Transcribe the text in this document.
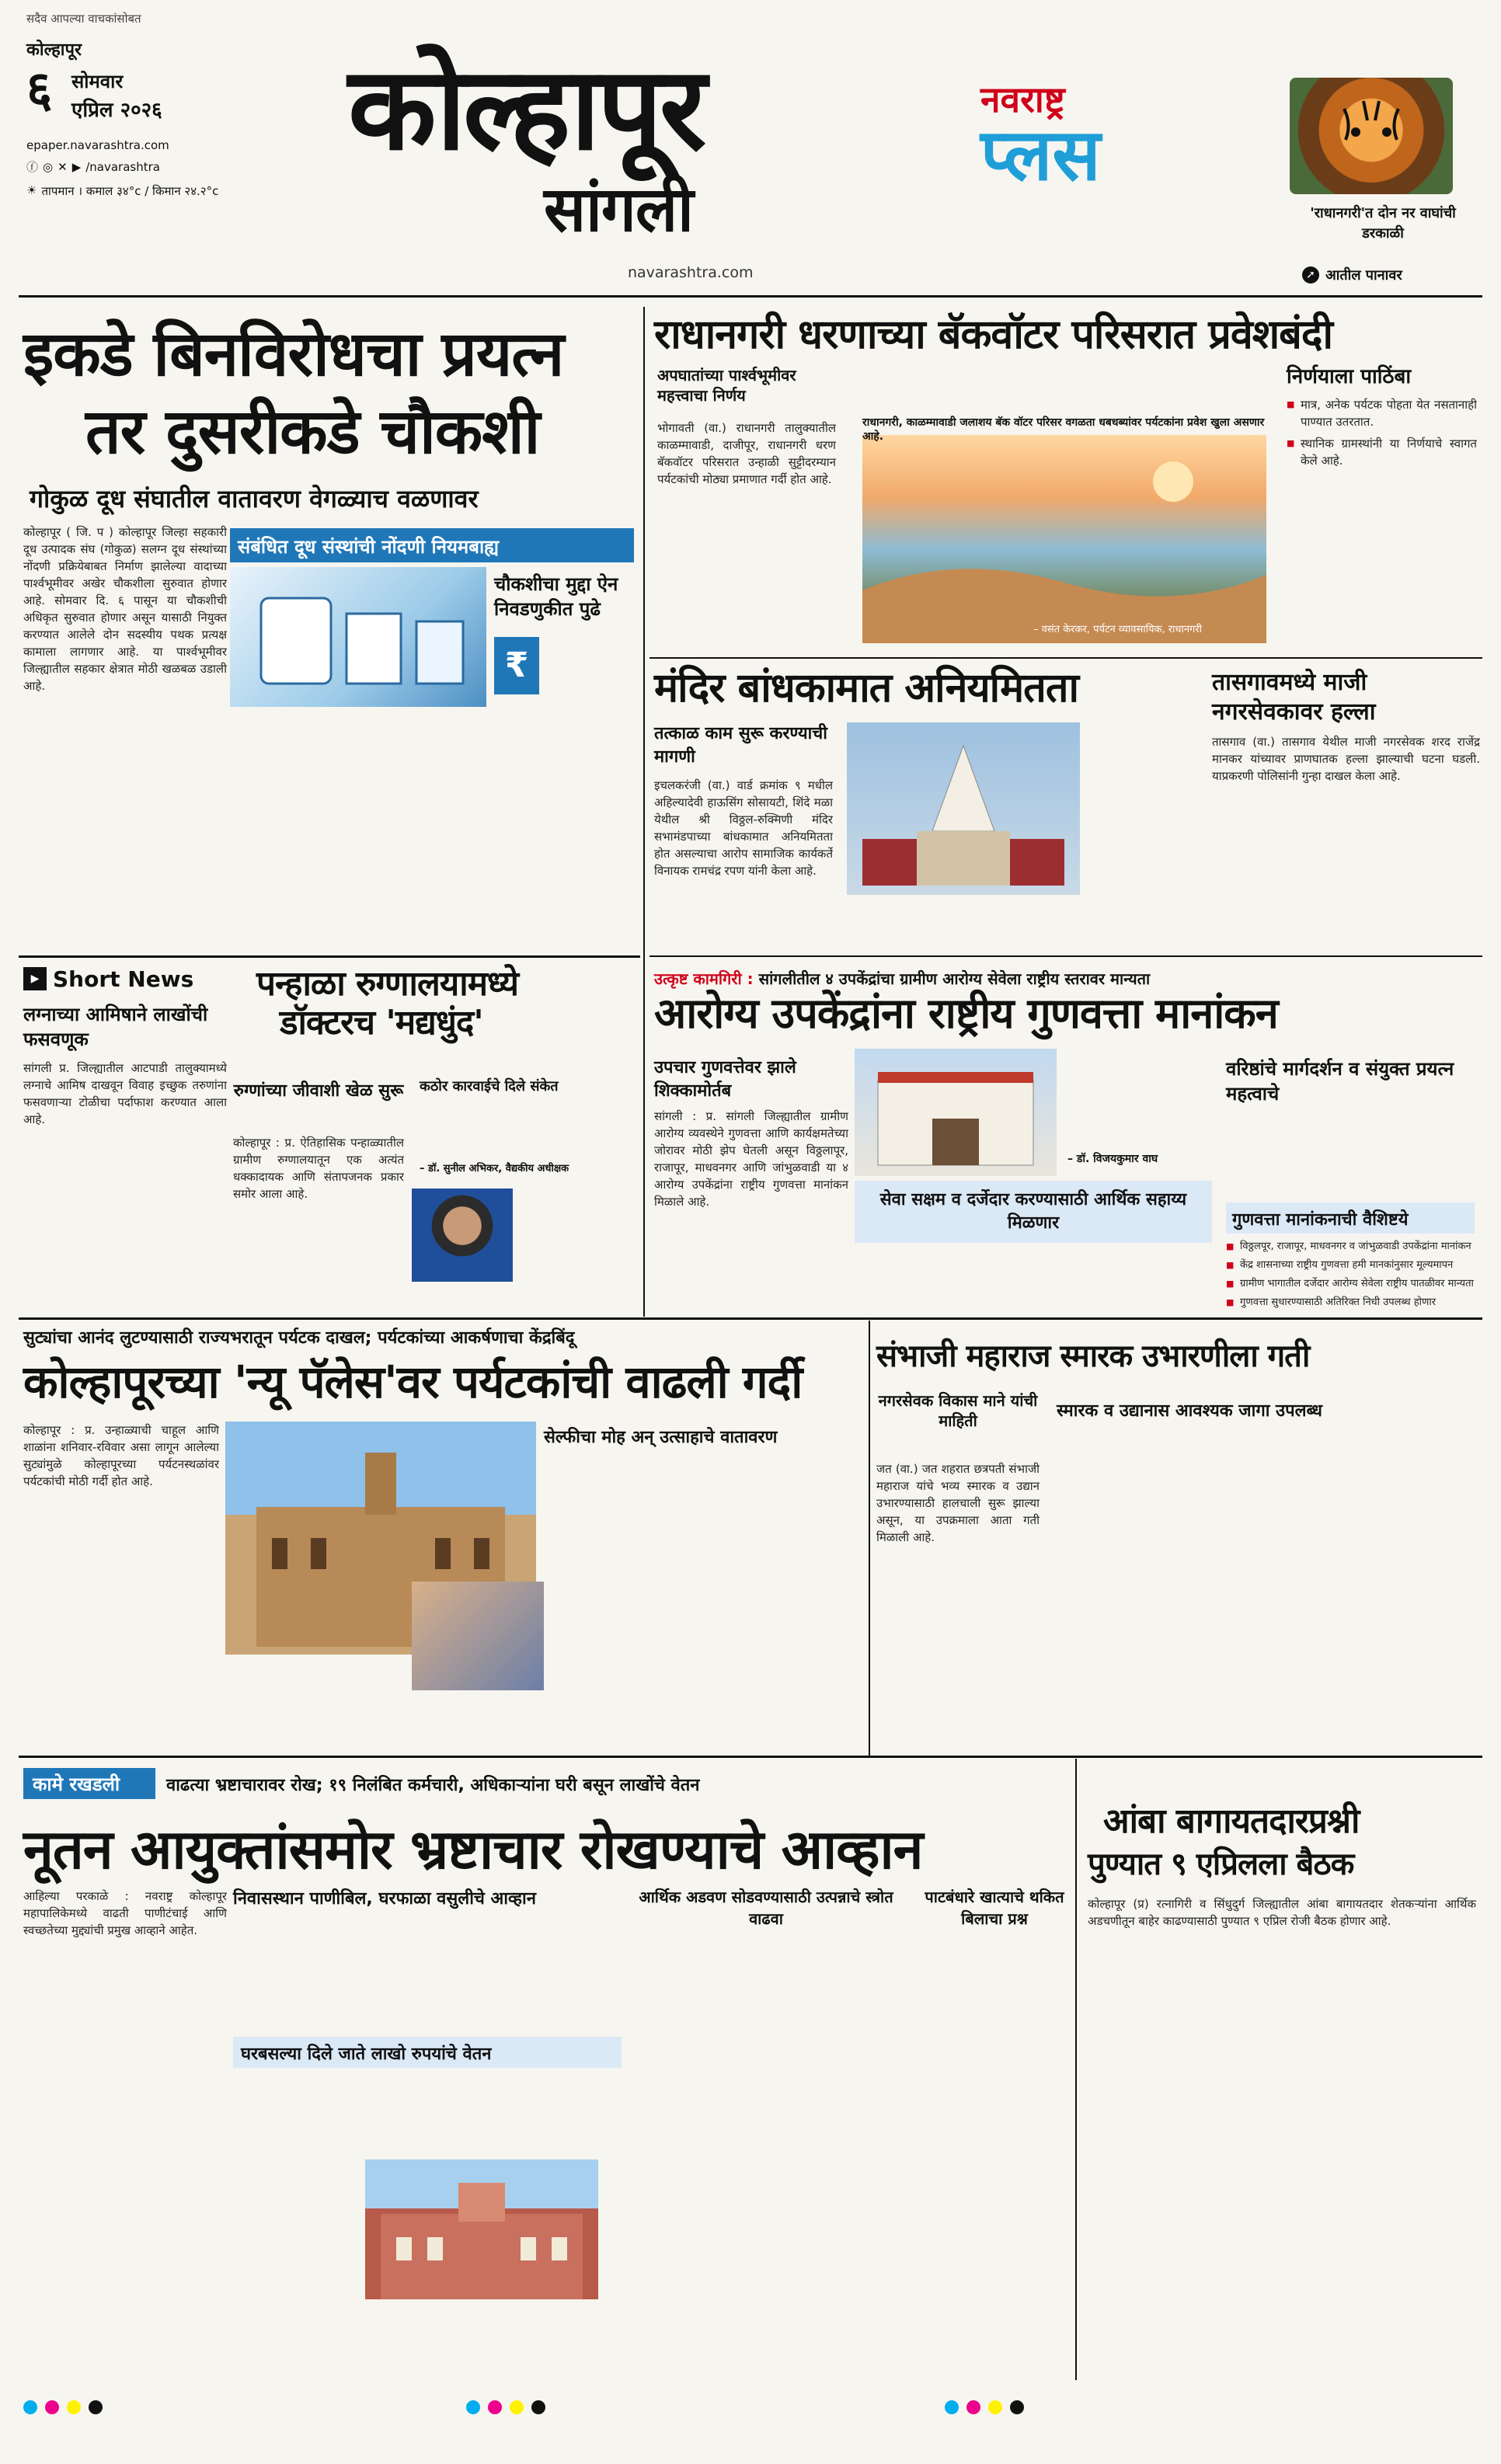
सदैव आपल्या वाचकांसोबत
कोल्हापूर
६ सोमवार
एप्रिल २०२६
epaper.navarashtra.com
ⓕ ◎ ✕ ▶ /navarashtra
☀ तापमान । कमाल ३४°c / किमान २४.२°c
कोल्हापूर
सांगली
navarashtra.com
नवराष्ट्र
प्लस
'राधानगरी'त दोन नर वाघांची डरकाळी
➚ आतील पानावर
इकडे बिनविरोधचा प्रयत्न
तर दुसरीकडे चौकशी
गोकुळ दूध संघातील वातावरण वेगळ्याच वळणावर
कोल्हापूर ( जि. प ) कोल्हापूर जिल्हा सहकारी दूध उत्पादक संघ (गोकुळ) सलग्न दूध संस्थांच्या नोंदणी प्रक्रियेबाबत निर्माण झालेल्या वादाच्या पार्श्वभूमीवर अखेर चौकशीला सुरुवात होणार आहे. सोमवार दि. ६ पासून या चौकशीची अधिकृत सुरुवात होणार असून यासाठी नियुक्त करण्यात आलेले दोन सदस्यीय पथक प्रत्यक्ष कामाला लागणार आहे. या पार्श्वभूमीवर जिल्ह्यातील सहकार क्षेत्रात मोठी खळबळ उडाली आहे.
संबंधित दूध संस्थांची नोंदणी नियमबाह्य
चौकशीचा मुद्दा ऐन निवडणुकीत पुढे
₹
राधानगरी धरणाच्या बॅकवॉटर परिसरात प्रवेशबंदी
अपघातांच्या पार्श्वभूमीवर महत्त्वाचा निर्णय
भोगावती (वा.) राधानगरी तालुक्यातील काळम्मावाडी, दाजीपूर, राधानगरी धरण बॅकवॉटर परिसरात उन्हाळी सुट्टीदरम्यान पर्यटकांची मोठ्या प्रमाणात गर्दी होत आहे.
राधानगरी, काळम्मावाडी जलाशय बॅक वॉटर परिसर वगळता धबधब्यांवर पर्यटकांना प्रवेश खुला असणार आहे.
– वसंत केरकर, पर्यटन व्यावसायिक, राधानगरी
निर्णयाला पाठिंबा
■ मात्र, अनेक पर्यटक पोहता येत नसतानाही पाण्यात उतरतात.
■ स्थानिक ग्रामस्थांनी या निर्णयाचे स्वागत केले आहे.
मंदिर बांधकामात अनियमितता
तत्काळ काम सुरू करण्याची मागणी
इचलकरंजी (वा.) वार्ड क्रमांक ९ मधील अहिल्यादेवी हाऊसिंग सोसायटी, शिंदे मळा येथील श्री विठ्ठल-रुक्मिणी मंदिर सभामंडपाच्या बांधकामात अनियमितता होत असल्याचा आरोप सामाजिक कार्यकर्ते विनायक रामचंद्र रपण यांनी केला आहे.
तासगावमध्ये माजी नगरसेवकावर हल्ला
तासगाव (वा.) तासगाव येथील माजी नगरसेवक शरद राजेंद्र मानकर यांच्यावर प्राणघातक हल्ला झाल्याची घटना घडली. याप्रकरणी पोलिसांनी गुन्हा दाखल केला आहे.
▶ Short News
लग्नाच्या आमिषाने लाखोंची फसवणूक
सांगली प्र. जिल्ह्यातील आटपाडी तालुक्यामध्ये लग्नाचे आमिष दाखवून विवाह इच्छुक तरुणांना फसवणाऱ्या टोळीचा पर्दाफाश करण्यात आला आहे.
पन्हाळा रुग्णालयामध्ये
डॉक्टरच 'मद्यधुंद'
रुग्णांच्या जीवाशी खेळ सुरू कठोर कारवाईचे दिले संकेत
– डॉ. सुनील अभिकर, वैद्यकीय अधीक्षक
कोल्हापूर : प्र. ऐतिहासिक पन्हाळ्यातील ग्रामीण रुग्णालयातून एक अत्यंत धक्कादायक आणि संतापजनक प्रकार समोर आला आहे.
उत्कृष्ट कामगिरी : सांगलीतील ४ उपकेंद्रांचा ग्रामीण आरोग्य सेवेला राष्ट्रीय स्तरावर मान्यता
आरोग्य उपकेंद्रांना राष्ट्रीय गुणवत्ता मानांकन
उपचार गुणवत्तेवर झाले शिक्कामोर्तब
– डॉ. विजयकुमार वाघ
सेवा सक्षम व दर्जेदार करण्यासाठी आर्थिक सहाय्य मिळणार
सांगली : प्र. सांगली जिल्ह्यातील ग्रामीण आरोग्य व्यवस्थेने गुणवत्ता आणि कार्यक्षमतेच्या जोरावर मोठी झेप घेतली असून विठ्ठलापूर, राजापूर, माधवनगर आणि जांभुळवाडी या ४ आरोग्य उपकेंद्रांना राष्ट्रीय गुणवत्ता मानांकन मिळाले आहे.
वरिष्ठांचे मार्गदर्शन व संयुक्त प्रयत्न महत्वाचे
गुणवत्ता मानांकनाची वैशिष्टये
■ विठ्ठलपूर, राजापूर, माधवनगर व जांभुळवाडी उपकेंद्रांना मानांकन
■ केंद्र शासनाच्या राष्ट्रीय गुणवत्ता हमी मानकांनुसार मूल्यमापन
■ ग्रामीण भागातील दर्जेदार आरोग्य सेवेला राष्ट्रीय पातळीवर मान्यता
■ गुणवत्ता सुधारण्यासाठी अतिरिक्त निधी उपलब्ध होणार
सुट्यांचा आनंद लुटण्यासाठी राज्यभरातून पर्यटक दाखल; पर्यटकांच्या आकर्षणाचा केंद्रबिंदू
कोल्हापूरच्या 'न्यू पॅलेस'वर पर्यटकांची वाढली गर्दी
कोल्हापूर : प्र. उन्हाळ्याची चाहूल आणि शाळांना शनिवार-रविवार असा लागून आलेल्या सुट्यांमुळे कोल्हापूरच्या पर्यटनस्थळांवर पर्यटकांची मोठी गर्दी होत आहे.
सेल्फीचा मोह अन् उत्साहाचे वातावरण
संभाजी महाराज स्मारक उभारणीला गती
नगरसेवक विकास माने यांची माहिती	स्मारक व उद्यानास आवश्यक जागा उपलब्ध
जत (वा.) जत शहरात छत्रपती संभाजी महाराज यांचे भव्य स्मारक व उद्यान उभारण्यासाठी हालचाली सुरू झाल्या असून, या उपक्रमाला आता गती मिळाली आहे.
कामे रखडली	वाढत्या भ्रष्टाचारावर रोख; १९ निलंबित कर्मचारी, अधिकाऱ्यांना घरी बसून लाखोंचे वेतन
नूतन आयुक्तांसमोर भ्रष्टाचार रोखण्याचे आव्हान
आहिल्या परकाळे : नवराष्ट्र कोल्हापूर महापालिकेमध्ये वाढती पाणीटंचाई आणि स्वच्छतेच्या मुद्द्यांची प्रमुख आव्हाने आहेत.
निवासस्थान पाणीबिल, घरफाळा वसुलीचे आव्हान
घरबसल्या दिले जाते लाखो रुपयांचे वेतन
आर्थिक अडवण सोडवण्यासाठी उत्पन्नाचे स्त्रोत वाढवा
पाटबंधारे खात्याचे थकित बिलाचा प्रश्न
आंबा बागायतदारप्रश्नी
पुण्यात ९ एप्रिलला बैठक
कोल्हापूर (प्र) रत्नागिरी व सिंधुदुर्ग जिल्ह्यातील आंबा बागायतदार शेतकऱ्यांना आर्थिक अडचणीतून बाहेर काढण्यासाठी पुण्यात ९ एप्रिल रोजी बैठक होणार आहे.
